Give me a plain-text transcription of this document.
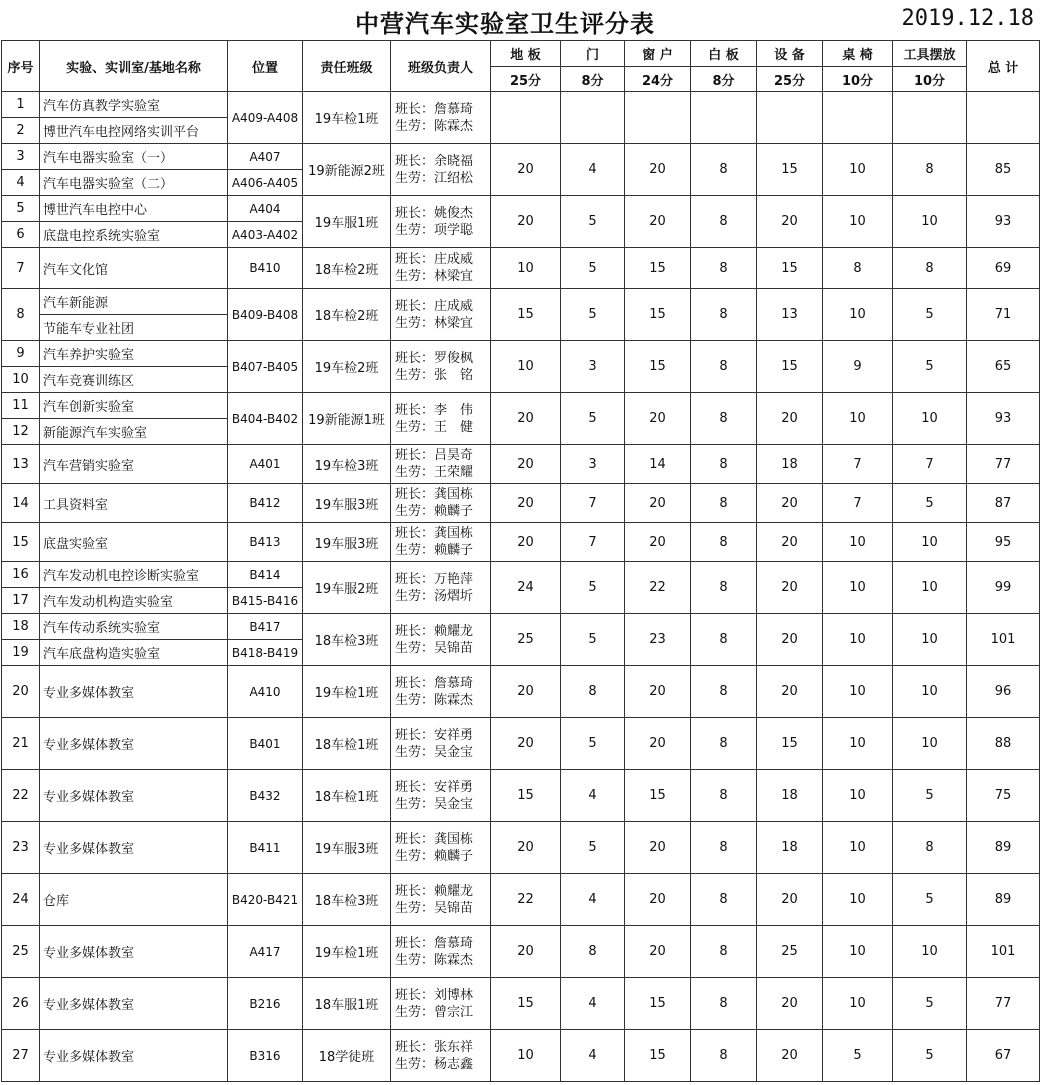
中营汽车实验室卫生评分表	2019.12.18
序号	实验、实训室/基地名称	位置	责任班级	班级负责人	地 板	门	窗 户	白 板	设 备	桌 椅	工具摆放	总 计
					25分	8分	24分	8分	25分	10分	10分	
1	汽车仿真教学实验室	A409-A408	19车检1班	班长：詹慕琦
生劳：陈霖杰								

2	博世汽车电控网络实训平台											
3	汽车电器实验室（一）	A407	19新能源2班	班长：余晓福
生劳：江绍松	20	4	20	8	15	10	8	85
4	汽车电器实验室（二）	A406-A405										
5	博世汽车电控中心	A404	19车服1班	班长：姚俊杰
生劳：项学聪	20	5	20	8	20	10	10	93
6	底盘电控系统实验室	A403-A402										
7	汽车文化馆	B410	18车检2班	班长：庄成威
生劳：林梁宜	10	5	15	8	15	8	8	69
8	汽车新能源	B409-B408	18车检2班	班长：庄成威
生劳：林梁宜	15	5	15	8	13	10	5	71
	节能车专业社团											
9	汽车养护实验室	B407-B405	19车检2班	班长：罗俊枫
生劳：张　铭	10	3	15	8	15	9	5	65
10	汽车竞赛训练区											
11	汽车创新实验室	B404-B402	19新能源1班	班长：李　伟
生劳：王　健	20	5	20	8	20	10	10	93
12	新能源汽车实验室											
13	汽车营销实验室	A401	19车检3班	班长：吕昊奇
生劳：王荣耀	20	3	14	8	18	7	7	77
14	工具资料室	B412	19车服3班	班长：龚国栋
生劳：赖麟子	20	7	20	8	20	7	5	87
15	底盘实验室	B413	19车服3班	班长：龚国栋
生劳：赖麟子	20	7	20	8	20	10	10	95
16	汽车发动机电控诊断实验室	B414	19车服2班	班长：万艳萍
生劳：汤熠圻	24	5	22	8	20	10	10	99
17	汽车发动机构造实验室	B415-B416										
18	汽车传动系统实验室	B417	18车检3班	班长：赖耀龙
生劳：吴锦苗	25	5	23	8	20	10	10	101
19	汽车底盘构造实验室	B418-B419										
20	专业多媒体教室	A410	19车检1班	班长：詹慕琦
生劳：陈霖杰	20	8	20	8	20	10	10	96
21	专业多媒体教室	B401	18车检1班	班长：安祥勇
生劳：吴金宝	20	5	20	8	15	10	10	88
22	专业多媒体教室	B432	18车检1班	班长：安祥勇
生劳：吴金宝	15	4	15	8	18	10	5	75
23	专业多媒体教室	B411	19车服3班	班长：龚国栋
生劳：赖麟子	20	5	20	8	18	10	8	89
24	仓库	B420-B421	18车检3班	班长：赖耀龙
生劳：吴锦苗	22	4	20	8	20	10	5	89
25	专业多媒体教室	A417	19车检1班	班长：詹慕琦
生劳：陈霖杰	20	8	20	8	25	10	10	101
26	专业多媒体教室	B216	18车服1班	班长：刘博林
生劳：曾宗江	15	4	15	8	20	10	5	77
27	专业多媒体教室	B316	18学徒班	班长：张东祥
生劳：杨志鑫	10	4	15	8	20	5	5	67
